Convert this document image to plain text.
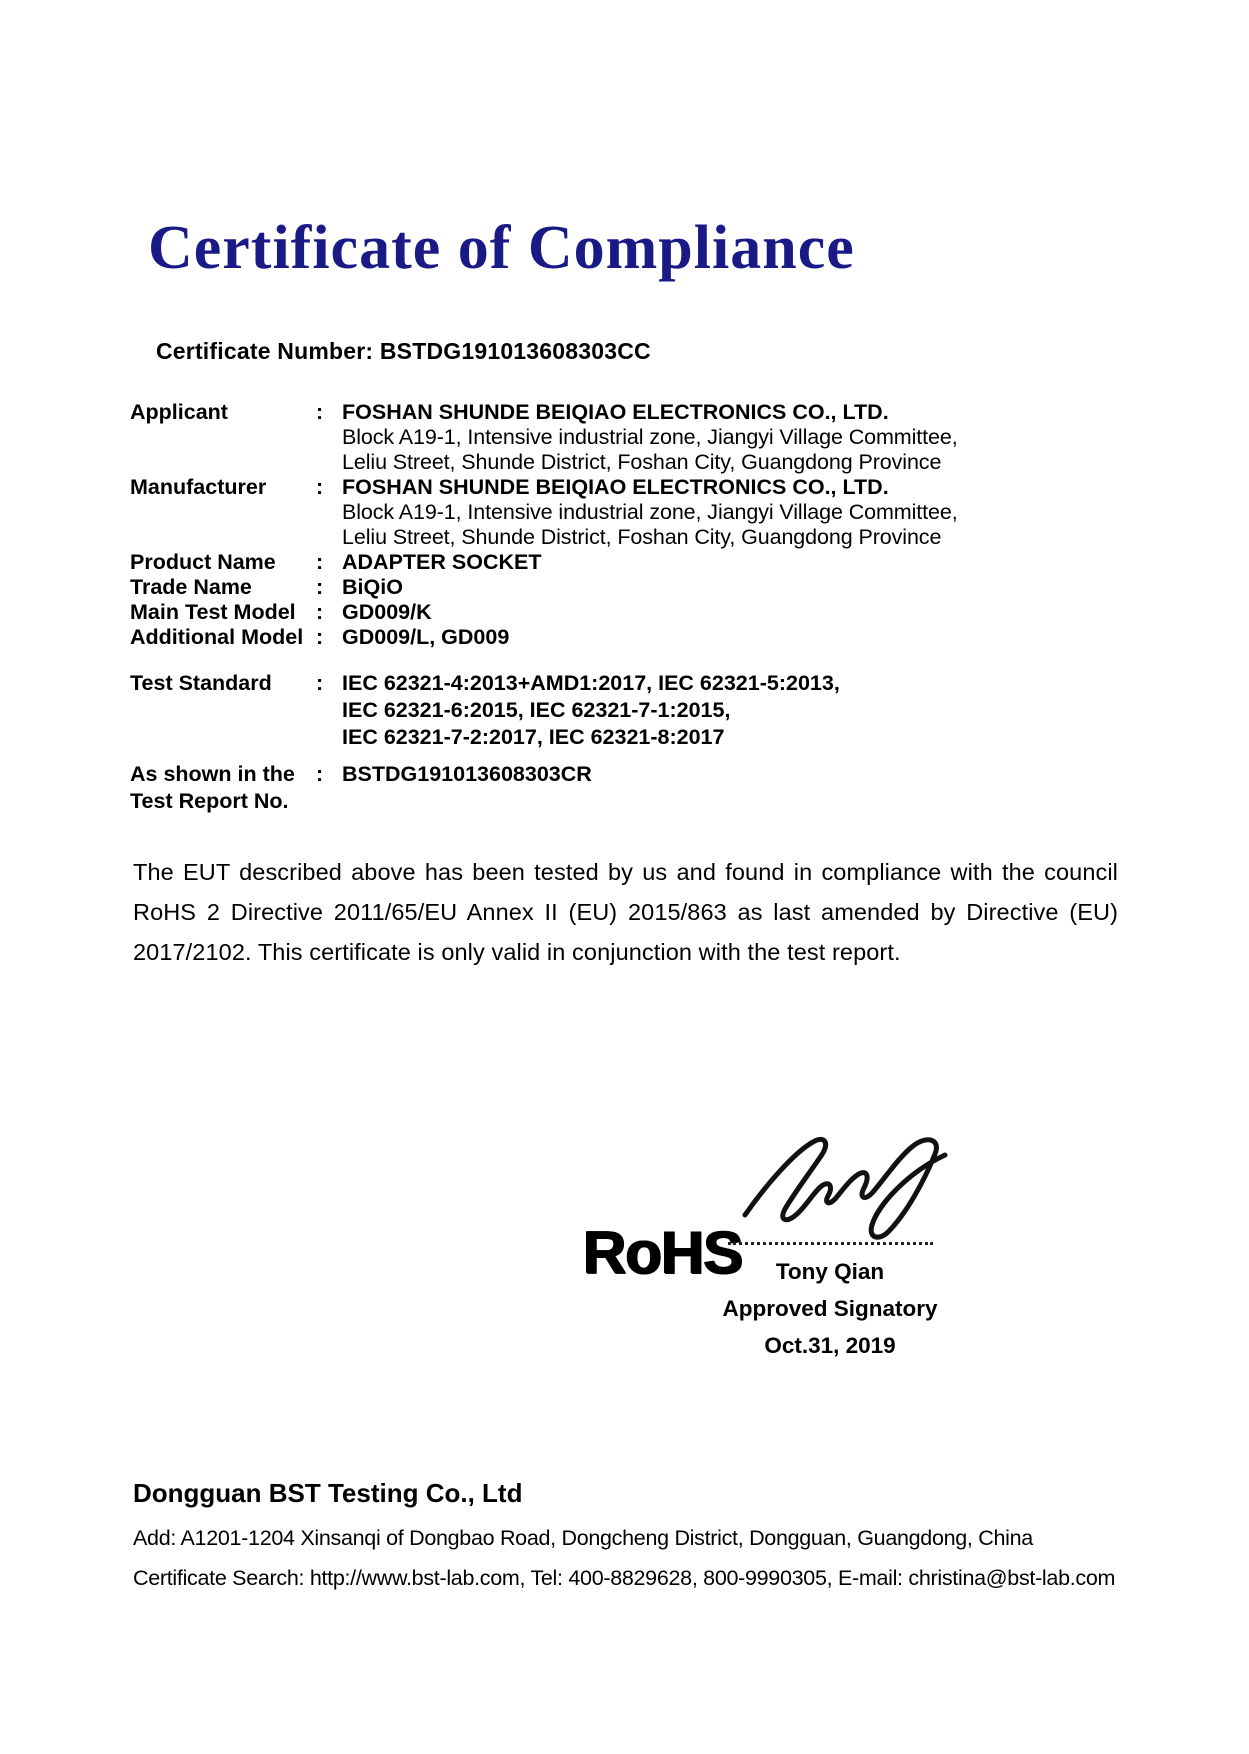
Certificate of Compliance
Certificate Number: BSTDG191013608303CC
Applicant	: FOSHAN SHUNDE BEIQIAO ELECTRONICS CO., LTD.
Block A19-1, Intensive industrial zone, Jiangyi Village Committee,
Leliu Street, Shunde District, Foshan City, Guangdong Province
Manufacturer	: FOSHAN SHUNDE BEIQIAO ELECTRONICS CO., LTD.
Block A19-1, Intensive industrial zone, Jiangyi Village Committee,
Leliu Street, Shunde District, Foshan City, Guangdong Province
Product Name	: ADAPTER SOCKET
Trade Name	: BiQiO
Main Test Model : GD009/K
Additional Model : GD009/L, GD009
Test Standard	: IEC 62321-4:2013+AMD1:2017, IEC 62321-5:2013,
IEC 62321-6:2015, IEC 62321-7-1:2015,
IEC 62321-7-2:2017, IEC 62321-8:2017
As shown in the
Test Report No.
: BSTDG191013608303CR
The EUT described above has been tested by us and found in compliance with the council RoHS 2 Directive 2011/65/EU Annex II (EU) 2015/863 as last amended by Directive (EU) 2017/2102. This certificate is only valid in conjunction with the test report.
RoHS	Tony Qian
Approved Signatory
Oct.31, 2019
Dongguan BST Testing Co., Ltd
Add: A1201-1204 Xinsanqi of Dongbao Road, Dongcheng District, Dongguan, Guangdong, China
Certificate Search: http://www.bst-lab.com, Tel: 400-8829628, 800-9990305, E-mail: christina@bst-lab.com
